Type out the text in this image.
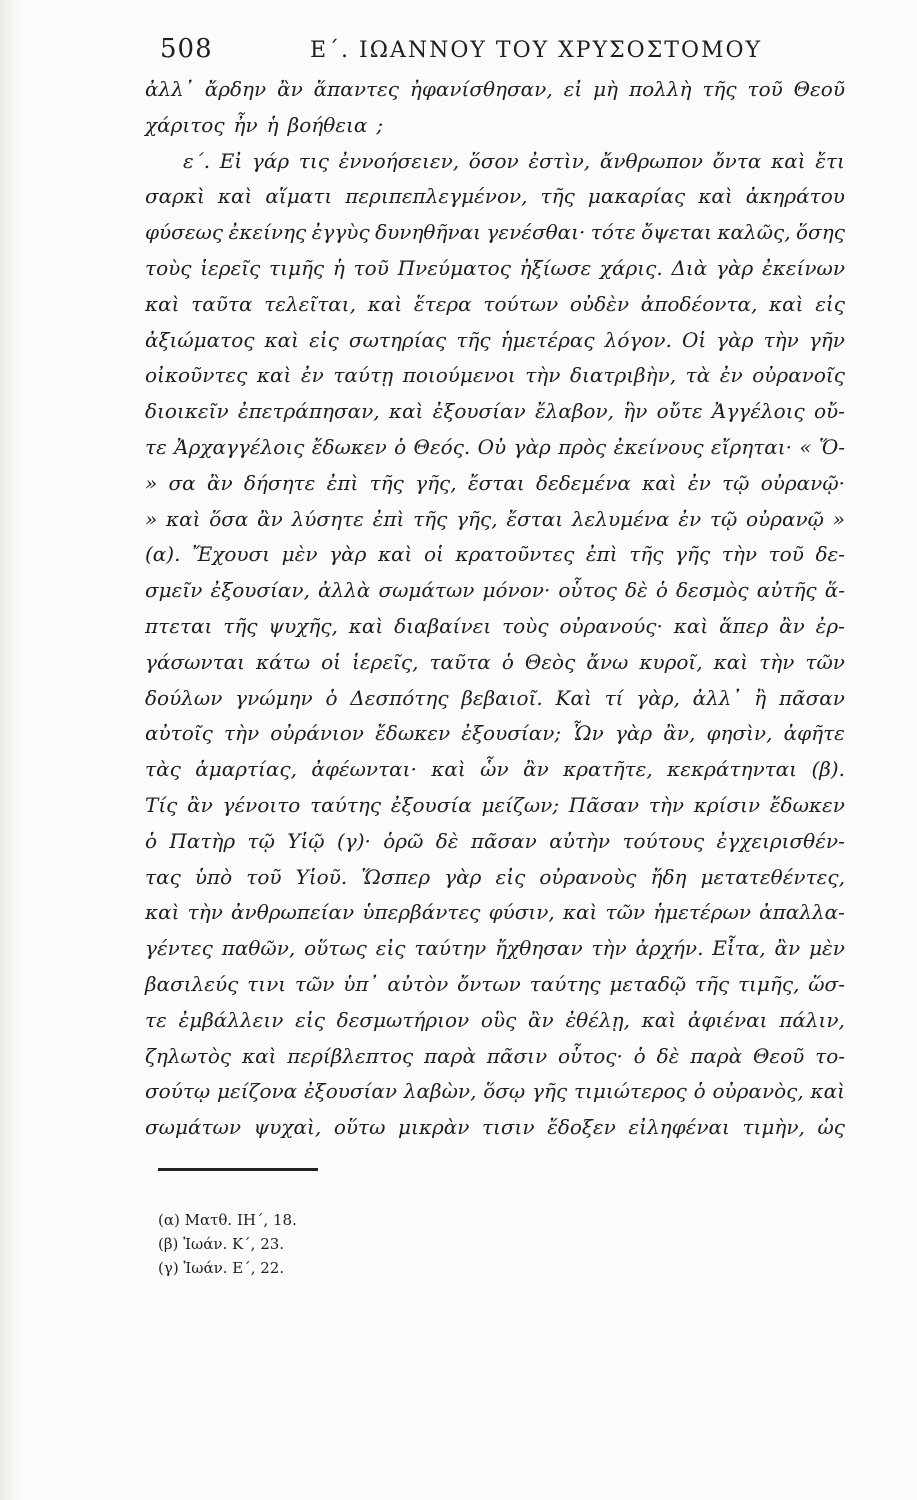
508	Ε΄. ΙΩΑΝΝΟΥ ΤΟΥ ΧΡΥΣΟΣΤΟΜΟΥ
ἀλλ᾽ ἄρδην ἂν ἅπαντες ἠφανίσθησαν, εἰ μὴ πολλὴ τῆς τοῦ Θεοῦ
χάριτος ἦν ἡ βοήθεια ;
ε΄. Εἰ γάρ τις ἐννοήσειεν, ὅσον ἐστὶν, ἄνθρωπον ὄντα καὶ ἔτι
σαρκὶ καὶ αἵματι περιπεπλεγμένον, τῆς μακαρίας καὶ ἀκηράτου
φύσεως ἐκείνης ἐγγὺς δυνηθῆναι γενέσθαι· τότε ὄψεται καλῶς, ὅσης
τοὺς ἱερεῖς τιμῆς ἡ τοῦ Πνεύματος ἠξίωσε χάρις. Διὰ γὰρ ἐκείνων
καὶ ταῦτα τελεῖται, καὶ ἕτερα τούτων οὐδὲν ἀποδέοντα, καὶ εἰς
ἀξιώματος καὶ εἰς σωτηρίας τῆς ἡμετέρας λόγον. Οἱ γὰρ τὴν γῆν
οἰκοῦντες καὶ ἐν ταύτῃ ποιούμενοι τὴν διατριβὴν, τὰ ἐν οὐρανοῖς
διοικεῖν ἐπετράπησαν, καὶ ἐξουσίαν ἔλαβον, ἣν οὔτε Ἀγγέλοις οὔ-
τε Ἀρχαγγέλοις ἔδωκεν ὁ Θεός. Οὐ γὰρ πρὸς ἐκείνους εἴρηται· « Ὅ-
» σα ἂν δήσητε ἐπὶ τῆς γῆς, ἔσται δεδεμένα καὶ ἐν τῷ οὐρανῷ·
» καὶ ὅσα ἂν λύσητε ἐπὶ τῆς γῆς, ἔσται λελυμένα ἐν τῷ οὐρανῷ »
(α). Ἔχουσι μὲν γὰρ καὶ οἱ κρατοῦντες ἐπὶ τῆς γῆς τὴν τοῦ δε-
σμεῖν ἐξουσίαν, ἀλλὰ σωμάτων μόνον· οὗτος δὲ ὁ δεσμὸς αὐτῆς ἅ-
πτεται τῆς ψυχῆς, καὶ διαβαίνει τοὺς οὐρανούς· καὶ ἅπερ ἂν ἐρ-
γάσωνται κάτω οἱ ἱερεῖς, ταῦτα ὁ Θεὸς ἄνω κυροῖ, καὶ τὴν τῶν
δούλων γνώμην ὁ Δεσπότης βεβαιοῖ. Καὶ τί γὰρ, ἀλλ᾽ ἢ πᾶσαν
αὐτοῖς τὴν οὐράνιον ἔδωκεν ἐξουσίαν; Ὧν γὰρ ἂν, φησὶν, ἀφῆτε
τὰς ἁμαρτίας, ἀφέωνται· καὶ ὧν ἂν κρατῆτε, κεκράτηνται (β).
Τίς ἂν γένοιτο ταύτης ἐξουσία μείζων; Πᾶσαν τὴν κρίσιν ἔδωκεν
ὁ Πατὴρ τῷ Υἱῷ (γ)· ὁρῶ δὲ πᾶσαν αὐτὴν τούτους ἐγχειρισθέν-
τας ὑπὸ τοῦ Υἱοῦ. Ὥσπερ γὰρ εἰς οὐρανοὺς ἤδη μετατεθέντες,
καὶ τὴν ἀνθρωπείαν ὑπερβάντες φύσιν, καὶ τῶν ἡμετέρων ἀπαλλα-
γέντες παθῶν, οὕτως εἰς ταύτην ἤχθησαν τὴν ἀρχήν. Εἶτα, ἂν μὲν
βασιλεύς τινι τῶν ὑπ᾽ αὐτὸν ὄντων ταύτης μεταδῷ τῆς τιμῆς, ὥσ-
τε ἐμβάλλειν εἰς δεσμωτήριον οὓς ἂν ἐθέλῃ, καὶ ἀφιέναι πάλιν,
ζηλωτὸς καὶ περίβλεπτος παρὰ πᾶσιν οὗτος· ὁ δὲ παρὰ Θεοῦ το-
σούτῳ μείζονα ἐξουσίαν λαβὼν, ὅσῳ γῆς τιμιώτερος ὁ οὐρανὸς, καὶ
σωμάτων ψυχαὶ, οὕτω μικρὰν τισιν ἔδοξεν εἰληφέναι τιμὴν, ὡς
(α) Ματθ. ΙΗ΄, 18.
(β) Ἰωάν. Κ΄, 23.
(γ) Ἰωάν. Ε΄, 22.
